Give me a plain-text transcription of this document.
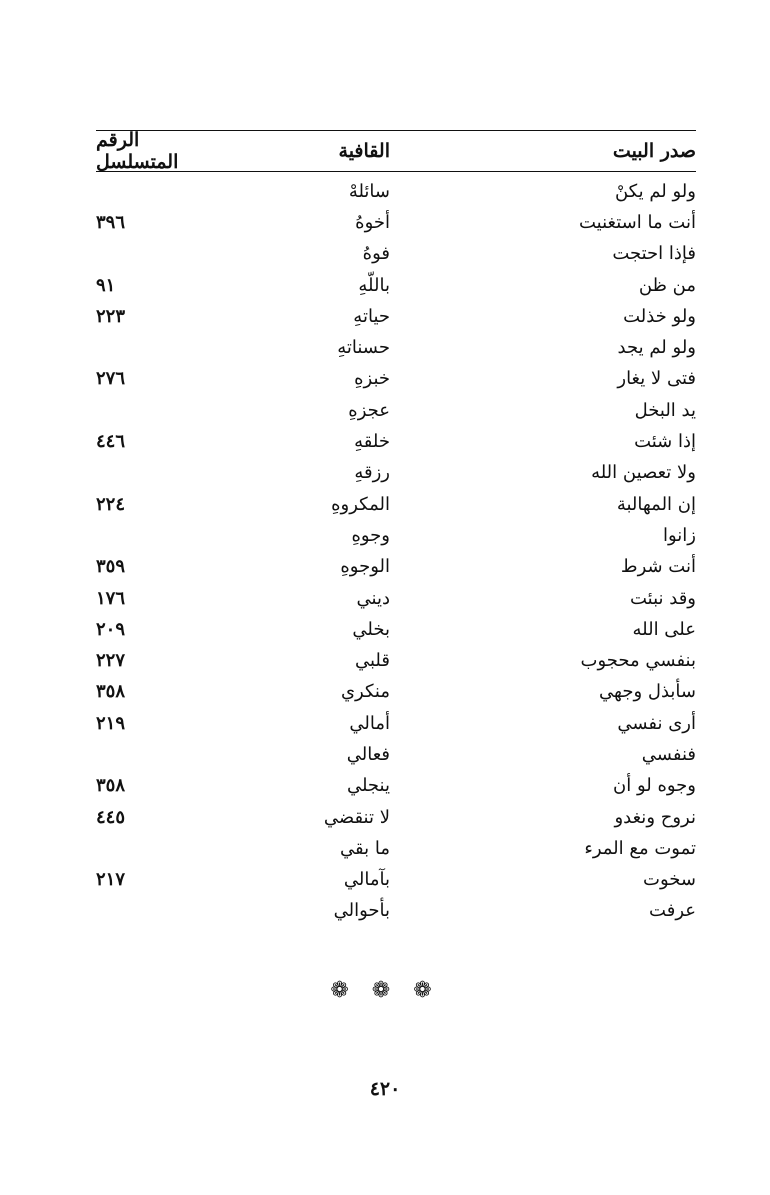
صدر البيت
القافية
الرقم المتسلسل
ولو لم يكنْ
سائلهْ
أنت ما استغنيت
أخوهُ
٣٩٦
فإذا احتجت
فوهُ
من ظن
باللّهِ
٩١
ولو خذلت
حياتهِ
٢٢٣
ولو لم يجد
حسناتهِ
فتى لا يغار
خبزهِ
٢٧٦
يد البخل
عجزهِ
إذا شئت
خلقهِ
٤٤٦
ولا تعصين الله
رزقهِ
إن المهالبة
المكروهِ
٢٢٤
زانوا
وجوهِ
أنت شرط
الوجوهِ
٣٥٩
وقد نبئت
ديني
١٧٦
على الله
بخلي
٢٠٩
بنفسي محجوب
قلبي
٢٢٧
سأبذل وجهي
منكري
٣٥٨
أرى نفسي
أمالي
٢١٩
فنفسي
فعالي
وجوه لو أن
ينجلي
٣٥٨
نروح ونغدو
لا تنقضي
٤٤٥
تموت مع المرء
ما بقي
سخوت
بآمالي
٢١٧
عرفت
بأحوالي
❁ ❁ ❁
٤٢٠
